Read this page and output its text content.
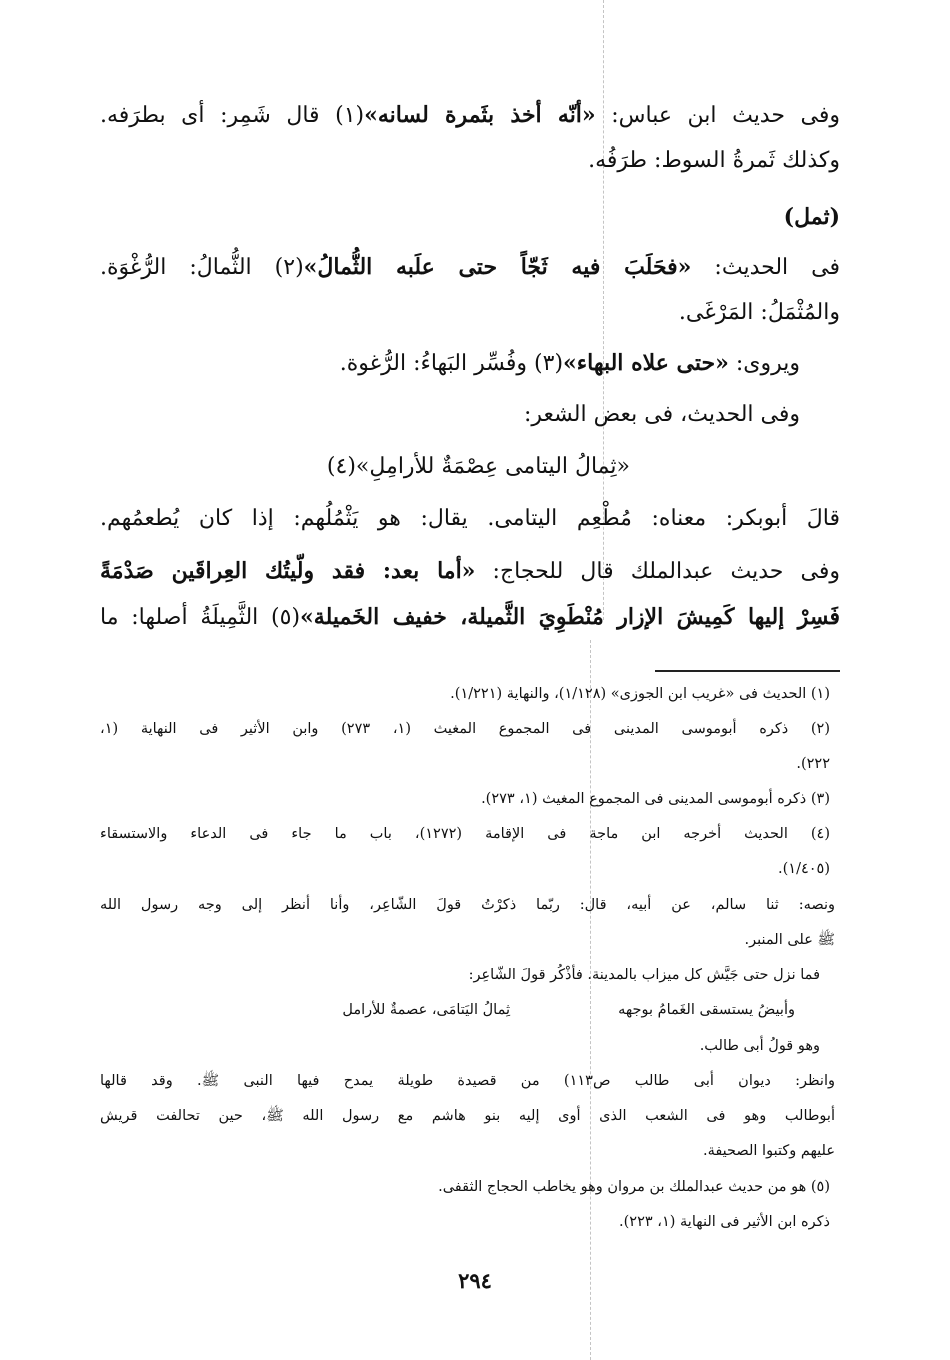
وفى حديث ابن عباس: «أنّه أخذ بثَمرة لسانه»(١) قال شَمِر: أى بطرَفه.
وكذلك ثَمرةُ السوط: طرَفُه.
(ثمل)
فى الحديث: «فحَلَبَ فيه ثَجّاً حتى علَبه الثُّمالُ»(٢) الثُّمالُ: الرُّغْوَة.
والمُثْمَلُ: المَرْغَى.
ويروى: «حتى علاه البهاء»(٣) وفُسِّر البَهاءُ: الرُّغوة.
وفى الحديث، فى بعض الشعر:
«ثِمالُ اليتامى عِصْمَةٌ للأرامِلِ»(٤)
قالَ أبوبكر: معناه: مُطْعِم اليتامى. يقال: هو يَثْمُلُهم: إذا كان يُطعمُهم.
وفى حديث عبدالملك قال للحجاج: «أما بعد: فقد ولّيتُك العِراقَين صَدْمَةً
فَسِرْ إليها كَمِيشَ الإزار مُنْطَوِيَ الثَّميلة، خفيف الخَميلة»(٥) الثَّمِيلَةُ أصلها: ما
(١) الحديث فى «غريب ابن الجوزى» (١/١٢٨)، والنهاية (١/٢٢١).
(٢) ذكره أبوموسى المدينى فى المجموع المغيث (١، ٢٧٣) وابن الأثير فى النهاية (١،
٢٢٢).
(٣) ذكره أبوموسى المدينى فى المجموع المغيث (١، ٢٧٣).
(٤) الحديث أخرجه ابن ماجة فى الإقامة (١٢٧٢)، باب ما جاء فى الدعاء والاستسقاء
(١/٤٠٥).
ونصه: ثنا سالم، عن أبيه، قال: ربّما ذكرْتُ قولَ الشّاعِر، وأنا أنظر إلى وجه رسول الله
ﷺ على المنبر.
فما نزل حتى جَيَّش كل ميزاب بالمدينة. فأذْكُر قولَ الشّاعِر:
وأبيضُ يستسقى الغَمامُ بوجهه
ثِمالُ اليَتامَى، عصمةٌ للأرامل
وهو قولُ أبى طالب.
وانظر: ديوان أبى طالب ص١١٣) من قصيدة طويلة يمدح فيها النبى ﷺ. وقد قالها
أبوطالب وهو فى الشعب الذى أوى إليه بنو هاشم مع رسول الله ﷺ، حين تحالفت قريش
عليهم وكتبوا الصحيفة.
(٥) هو من حديث عبدالملك بن مروان وهو يخاطب الحجاج الثقفى.
ذكره ابن الأثير فى النهاية (١، ٢٢٣).
٢٩٤
